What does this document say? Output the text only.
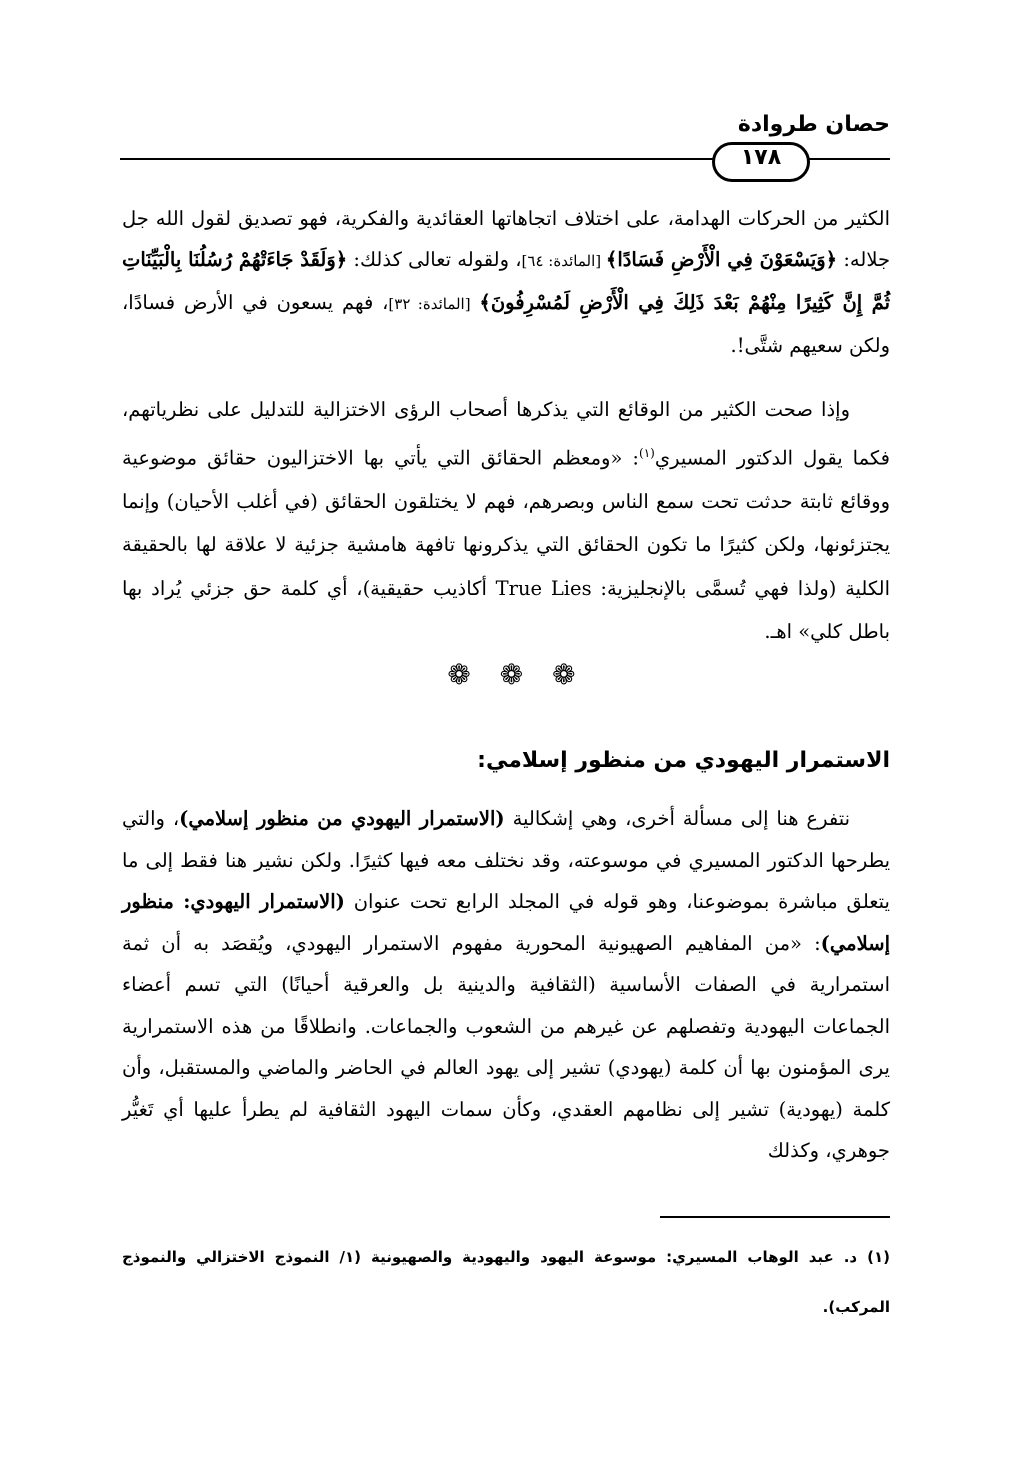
حصان طروادة
١٧٨

الكثير من الحركات الهدامة، على اختلاف اتجاهاتها العقائدية والفكرية، فهو تصديق لقول الله جل جلاله: ﴿وَيَسْعَوْنَ فِي الْأَرْضِ فَسَادًا﴾ [المائدة: ٦٤]، ولقوله تعالى كذلك: ﴿وَلَقَدْ جَاءَتْهُمْ رُسُلُنَا بِالْبَيِّنَاتِ ثُمَّ إِنَّ كَثِيرًا مِنْهُمْ بَعْدَ ذَلِكَ فِي الْأَرْضِ لَمُسْرِفُونَ﴾ [المائدة: ٣٢]، فهم يسعون في الأرض فسادًا، ولكن سعيهم شتَّى!.

وإذا صحت الكثير من الوقائع التي يذكرها أصحاب الرؤى الاختزالية للتدليل على نظرياتهم، فكما يقول الدكتور المسيري$^{(١)}$: «ومعظم الحقائق التي يأتي بها الاختزاليون حقائق موضوعية ووقائع ثابتة حدثت تحت سمع الناس وبصرهم، فهم لا يختلقون الحقائق (في أغلب الأحيان) وإنما يجتزئونها، ولكن كثيرًا ما تكون الحقائق التي يذكرونها تافهة هامشية جزئية لا علاقة لها بالحقيقة الكلية (ولذا فهي تُسمَّى بالإنجليزية: True Lies أكاذيب حقيقية)، أي كلمة حق جزئي يُراد بها باطل كلي» اهـ.

❁ ❁ ❁
الاستمرار اليهودي من منظور إسلامي:

نتفرع هنا إلى مسألة أخرى، وهي إشكالية (الاستمرار اليهودي من منظور إسلامي)، والتي يطرحها الدكتور المسيري في موسوعته، وقد نختلف معه فيها كثيرًا. ولكن نشير هنا فقط إلى ما يتعلق مباشرة بموضوعنا، وهو قوله في المجلد الرابع تحت عنوان (الاستمرار اليهودي: منظور إسلامي): «من المفاهيم الصهيونية المحورية مفهوم الاستمرار اليهودي، ويُقصَد به أن ثمة استمرارية في الصفات الأساسية (الثقافية والدينية بل والعرقية أحيانًا) التي تسم أعضاء الجماعات اليهودية وتفصلهم عن غيرهم من الشعوب والجماعات. وانطلاقًا من هذه الاستمرارية يرى المؤمنون بها أن كلمة (يهودي) تشير إلى يهود العالم في الحاضر والماضي والمستقبل، وأن كلمة (يهودية) تشير إلى نظامهم العقدي، وكأن سمات اليهود الثقافية لم يطرأ عليها أي تَغيُّر جوهري، وكذلك

(١) د. عبد الوهاب المسيري: موسوعة اليهود واليهودية والصهيونية (١/ النموذج الاختزالي والنموذج المركب).
